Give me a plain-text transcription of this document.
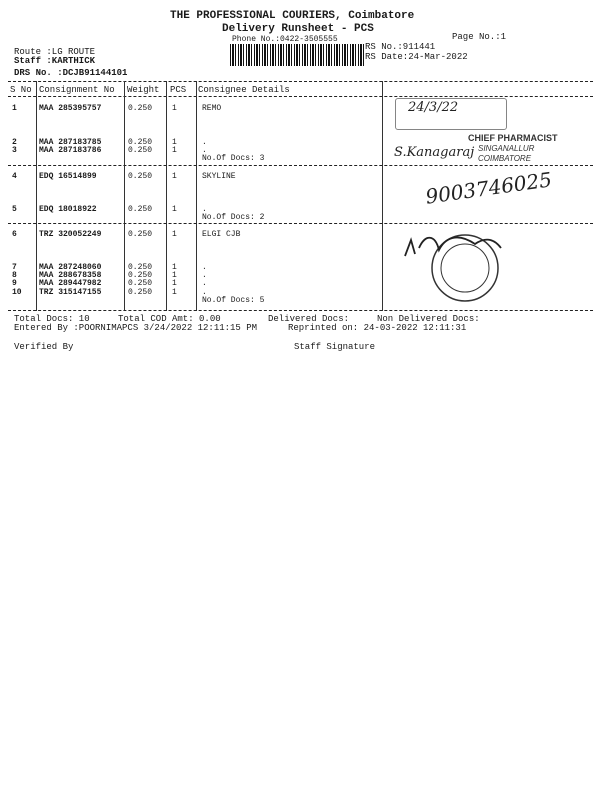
THE PROFESSIONAL COURIERS, Coimbatore
Delivery Runsheet - PCS
Phone No.:0422-3505555	Page No.:1
Route :LG ROUTE
Staff :KARTHICK
DRS No. :DCJB91144101
RS No.:911441
RS Date:24-Mar-2022
S No Consignment No Weight PCS Consignee Details
1	MAA 285395757	0.250 1	REMO
2	MAA 287183785	0.250 1	.
3	MAA 287183786	0.250 1	.
No.Of Docs: 3
4	EDQ 16514899	0.250 1	SKYLINE
5	EDQ 18018922	0.250 1	.
No.Of Docs: 2
6	TRZ 320052249	0.250 1	ELGI CJB
7	MAA 287248060	0.250 1	.
8	MAA 288678358	0.250 1	.
9	MAA 289447982	0.250 1	.
10 TRZ 315147155	0.250 1	.
No.Of Docs: 5
24/3/22
CHIEF PHARMACIST
SINGANALLUR
COIMBATORE
S.Kanagaraj
9003746025
Total Docs: 10	Total COD Amt: 0.00	Delivered Docs:	Non Delivered Docs:
Entered By :POORNIMAPCS 3/24/2022 12:11:15 PM	Reprinted on: 24-03-2022 12:11:31
Verified By	Staff Signature
